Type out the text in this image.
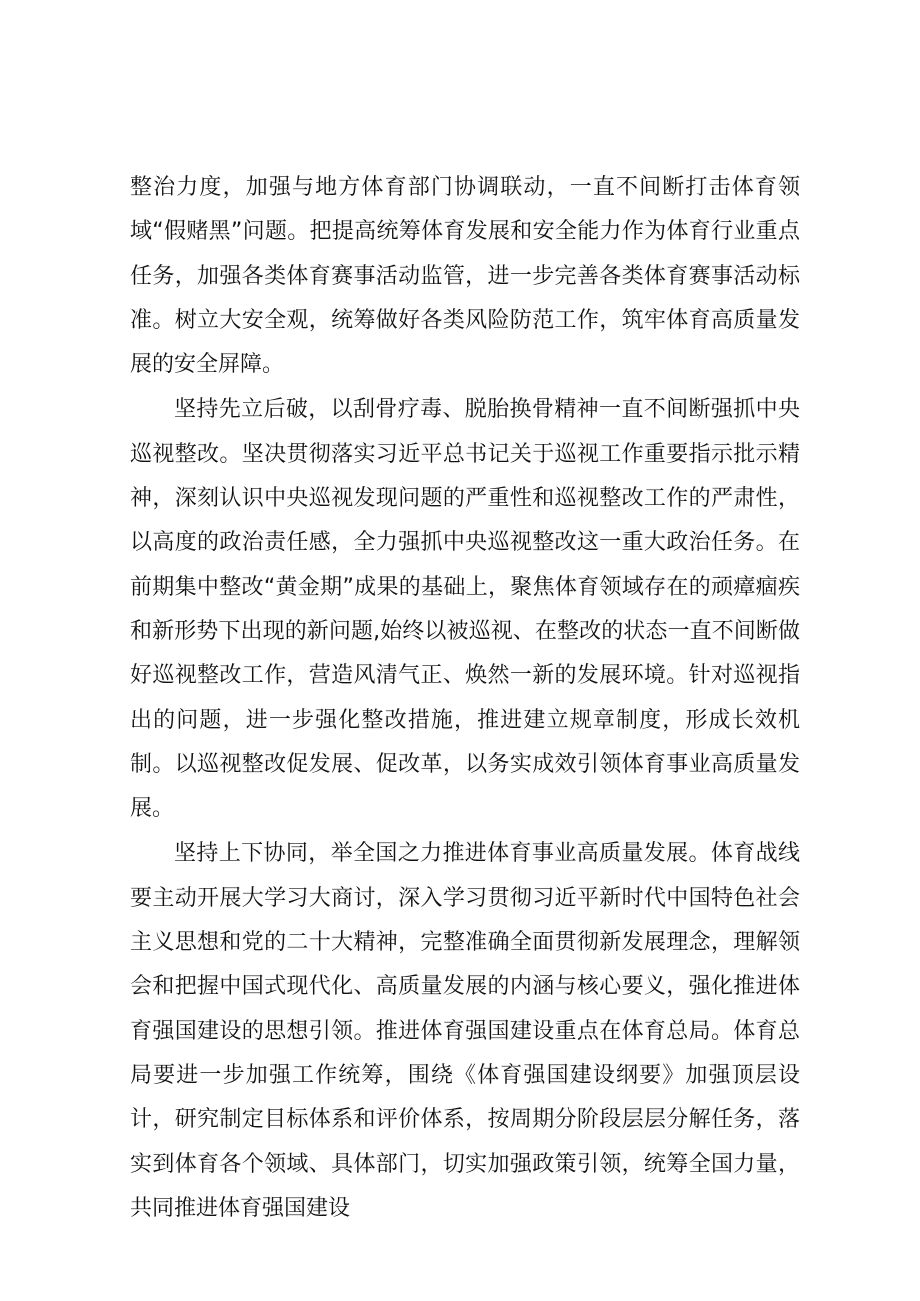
整治力度，加强与地方体育部门协调联动，一直不间断打击体育领域“假赌黑”问题。把提高统筹体育发展和安全能力作为体育行业重点任务，加强各类体育赛事活动监管，进一步完善各类体育赛事活动标准。树立大安全观，统筹做好各类风险防范工作，筑牢体育高质量发展的安全屏障。

坚持先立后破，以刮骨疗毒、脱胎换骨精神一直不间断强抓中央巡视整改。坚决贯彻落实习近平总书记关于巡视工作重要指示批示精神，深刻认识中央巡视发现问题的严重性和巡视整改工作的严肃性，以高度的政治责任感，全力强抓中央巡视整改这一重大政治任务。在前期集中整改“黄金期”成果的基础上，聚焦体育领域存在的顽瘴痼疾和新形势下出现的新问题,始终以被巡视、在整改的状态一直不间断做好巡视整改工作，营造风清气正、焕然一新的发展环境。针对巡视指出的问题，进一步强化整改措施，推进建立规章制度，形成长效机制。以巡视整改促发展、促改革，以务实成效引领体育事业高质量发展。

坚持上下协同，举全国之力推进体育事业高质量发展。体育战线要主动开展大学习大商讨，深入学习贯彻习近平新时代中国特色社会主义思想和党的二十大精神，完整准确全面贯彻新发展理念，理解领会和把握中国式现代化、高质量发展的内涵与核心要义，强化推进体育强国建设的思想引领。推进体育强国建设重点在体育总局。体育总局要进一步加强工作统筹，围绕《体育强国建设纲要》加强顶层设计，研究制定目标体系和评价体系，按周期分阶段层层分解任务，落实到体育各个领域、具体部门，切实加强政策引领，统筹全国力量，共同推进体育强国建设
